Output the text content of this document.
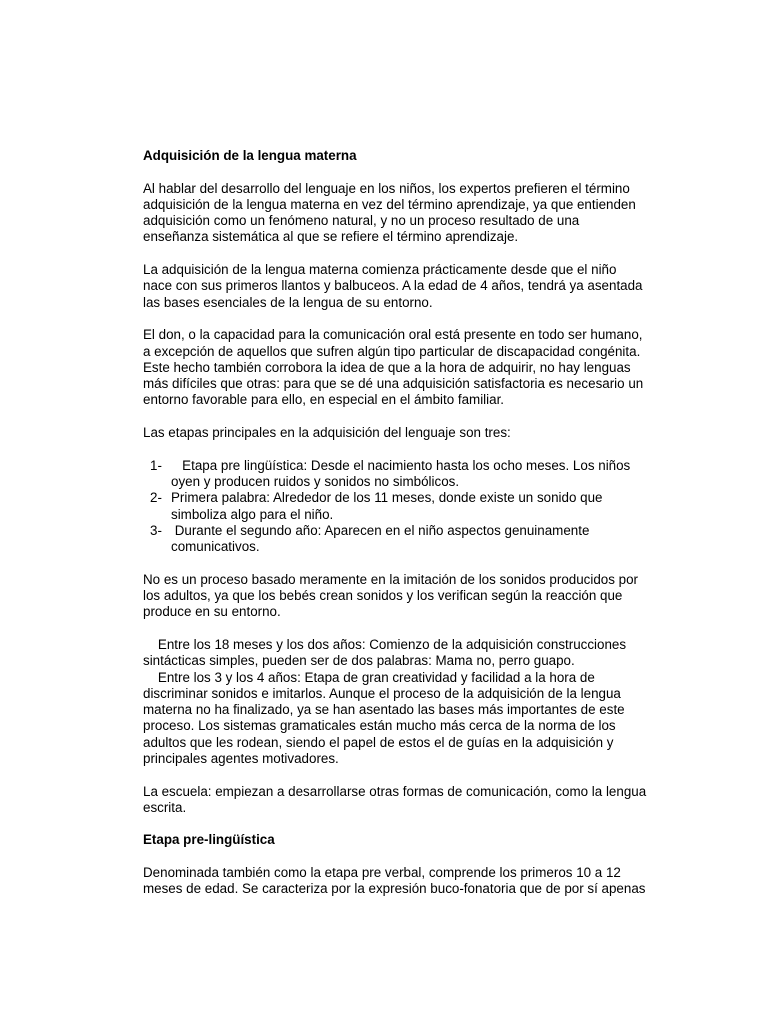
Adquisición de la lengua materna
Al hablar del desarrollo del lenguaje en los niños, los expertos prefieren el término
adquisición de la lengua materna en vez del término aprendizaje, ya que entienden
adquisición como un fenómeno natural, y no un proceso resultado de una
enseñanza sistemática al que se refiere el término aprendizaje.
La adquisición de la lengua materna comienza prácticamente desde que el niño
nace con sus primeros llantos y balbuceos. A la edad de 4 años, tendrá ya asentada
las bases esenciales de la lengua de su entorno.
El don, o la capacidad para la comunicación oral está presente en todo ser humano,
a excepción de aquellos que sufren algún tipo particular de discapacidad congénita.
Este hecho también corrobora la idea de que a la hora de adquirir, no hay lenguas
más difíciles que otras: para que se dé una adquisición satisfactoria es necesario un
entorno favorable para ello, en especial en el ámbito familiar.
Las etapas principales en la adquisición del lenguaje son tres:
1- Etapa pre lingüística: Desde el nacimiento hasta los ocho meses. Los niños
oyen y producen ruidos y sonidos no simbólicos.
2- Primera palabra: Alrededor de los 11 meses, donde existe un sonido que
simboliza algo para el niño.
3- Durante el segundo año: Aparecen en el niño aspectos genuinamente
comunicativos.
No es un proceso basado meramente en la imitación de los sonidos producidos por
los adultos, ya que los bebés crean sonidos y los verifican según la reacción que
produce en su entorno.
Entre los 18 meses y los dos años: Comienzo de la adquisición construcciones
sintácticas simples, pueden ser de dos palabras: Mama no, perro guapo.
Entre los 3 y los 4 años: Etapa de gran creatividad y facilidad a la hora de
discriminar sonidos e imitarlos. Aunque el proceso de la adquisición de la lengua
materna no ha finalizado, ya se han asentado las bases más importantes de este
proceso. Los sistemas gramaticales están mucho más cerca de la norma de los
adultos que les rodean, siendo el papel de estos el de guías en la adquisición y
principales agentes motivadores.
La escuela: empiezan a desarrollarse otras formas de comunicación, como la lengua
escrita.
Etapa pre-lingüística
Denominada también como la etapa pre verbal, comprende los primeros 10 a 12
meses de edad. Se caracteriza por la expresión buco-fonatoria que de por sí apenas
